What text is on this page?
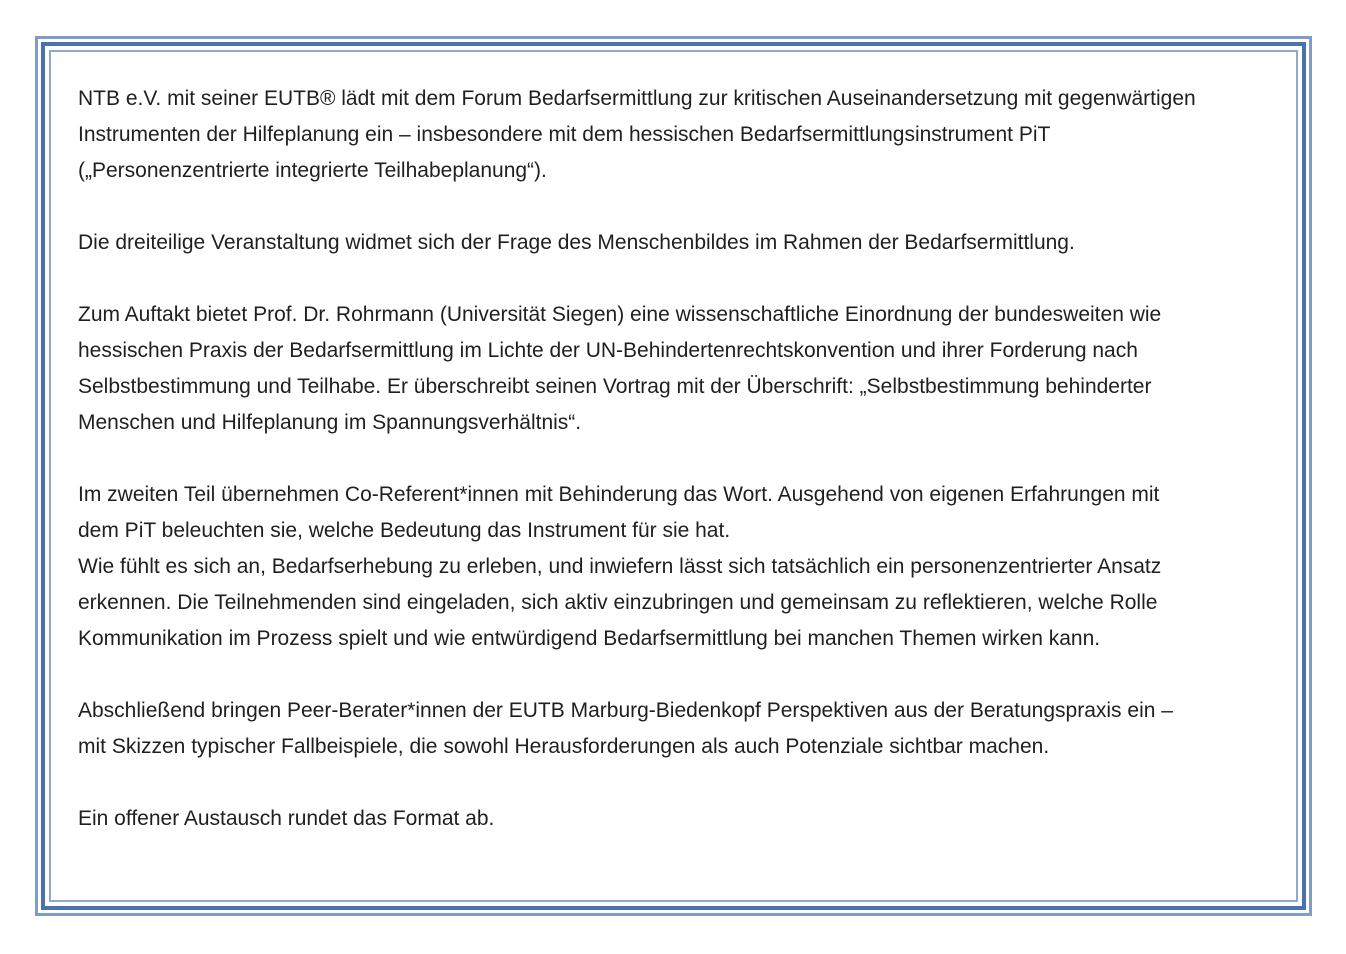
NTB e.V. mit seiner EUTB® lädt mit dem Forum Bedarfsermittlung zur kritischen Auseinandersetzung mit gegenwärtigen
Instrumenten der Hilfeplanung ein – insbesondere mit dem hessischen Bedarfsermittlungsinstrument PiT
(„Personenzentrierte integrierte Teilhabeplanung“).

Die dreiteilige Veranstaltung widmet sich der Frage des Menschenbildes im Rahmen der Bedarfsermittlung.

Zum Auftakt bietet Prof. Dr. Rohrmann (Universität Siegen) eine wissenschaftliche Einordnung der bundesweiten wie
hessischen Praxis der Bedarfsermittlung im Lichte der UN-Behindertenrechtskonvention und ihrer Forderung nach
Selbstbestimmung und Teilhabe. Er überschreibt seinen Vortrag mit der Überschrift: „Selbstbestimmung behinderter
Menschen und Hilfeplanung im Spannungsverhältnis“.

Im zweiten Teil übernehmen Co-Referent*innen mit Behinderung das Wort. Ausgehend von eigenen Erfahrungen mit
dem PiT beleuchten sie, welche Bedeutung das Instrument für sie hat.

Wie fühlt es sich an, Bedarfserhebung zu erleben, und inwiefern lässt sich tatsächlich ein personenzentrierter Ansatz
erkennen. Die Teilnehmenden sind eingeladen, sich aktiv einzubringen und gemeinsam zu reflektieren, welche Rolle
Kommunikation im Prozess spielt und wie entwürdigend Bedarfsermittlung bei manchen Themen wirken kann.

Abschließend bringen Peer-Berater*innen der EUTB Marburg-Biedenkopf Perspektiven aus der Beratungspraxis ein –
mit Skizzen typischer Fallbeispiele, die sowohl Herausforderungen als auch Potenziale sichtbar machen.

Ein offener Austausch rundet das Format ab.
